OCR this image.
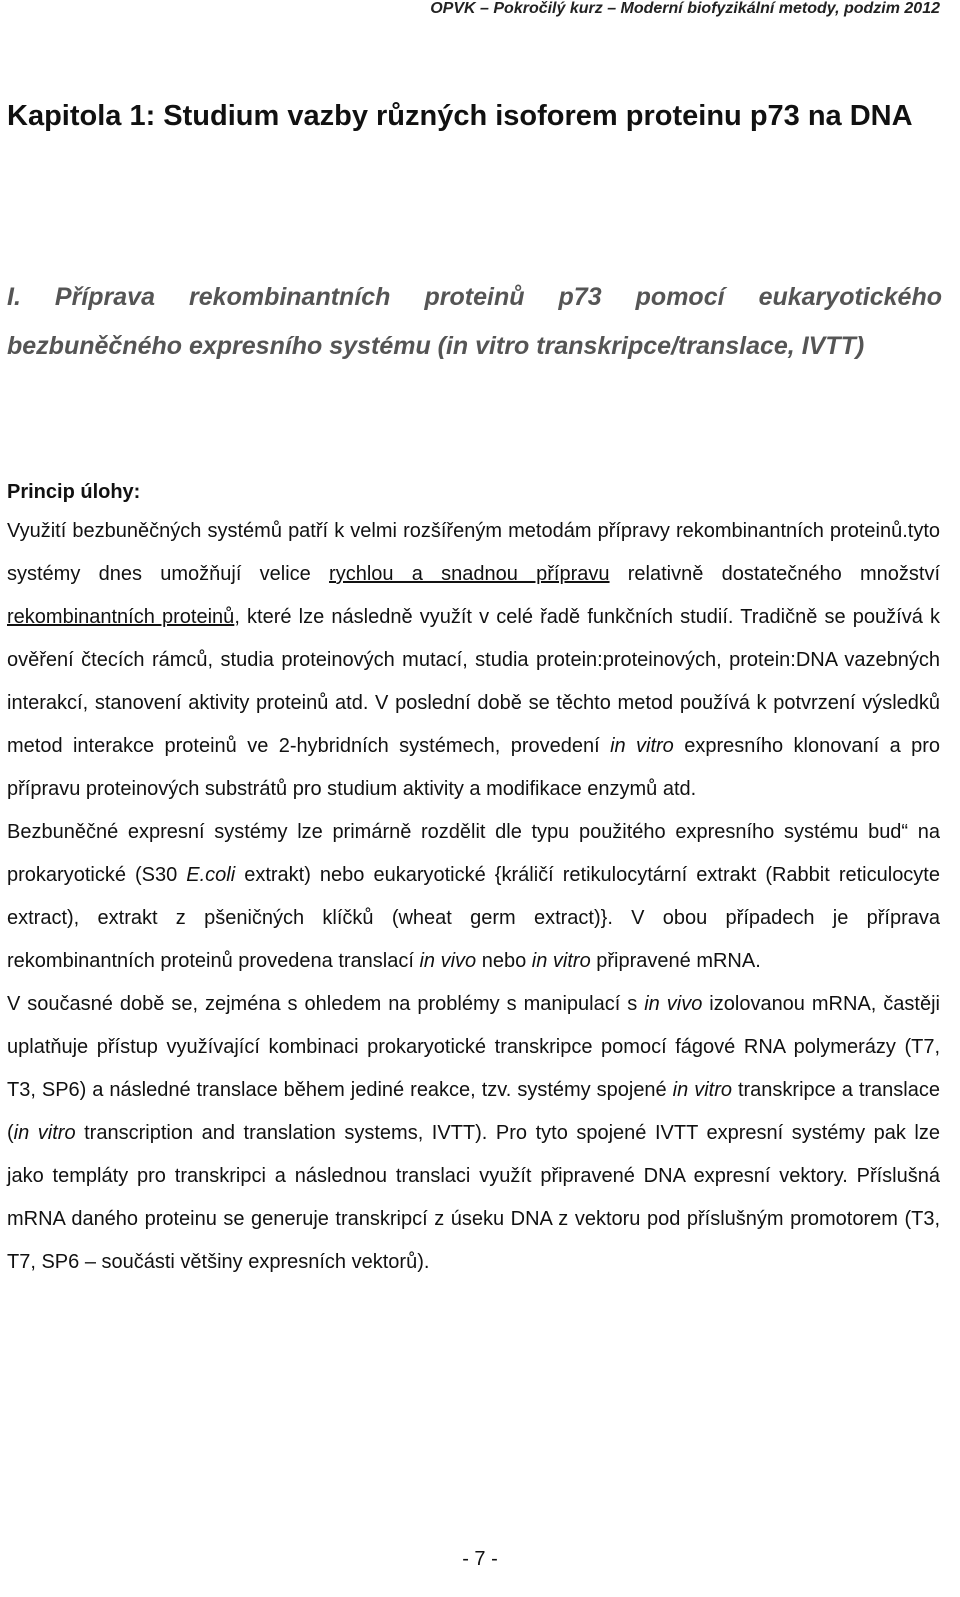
OPVK – Pokročilý kurz – Moderní biofyzikální metody, podzim 2012
Kapitola 1: Studium vazby různých isoforem proteinu p73 na DNA
I. Příprava rekombinantních proteinů p73 pomocí eukaryotického bezbuněčného expresního systému (in vitro transkripce/translace, IVTT)
Princip úlohy:

Využití bezbuněčných systémů patří k velmi rozšířeným metodám přípravy rekombinantních proteinů.tyto systémy dnes umožňují velice rychlou a snadnou přípravu relativně dostatečného množství rekombinantních proteinů, které lze následně využít v celé řadě funkčních studií. Tradičně se používá k ověření čtecích rámců, studia proteinových mutací, studia protein:proteinových, protein:DNA vazebných interakcí, stanovení aktivity proteinů atd. V poslední době se těchto metod používá k potvrzení výsledků metod interakce proteinů ve 2-hybridních systémech, provedení in vitro expresního klonovaní a pro přípravu proteinových substrátů pro studium aktivity a modifikace enzymů atd.

Bezbuněčné expresní systémy lze primárně rozdělit dle typu použitého expresního systému bud“ na prokaryotické (S30 E.coli extrakt) nebo eukaryotické {králičí retikulocytární extrakt (Rabbit reticulocyte extract), extrakt z pšeničných klíčků (wheat germ extract)}. V obou případech je příprava rekombinantních proteinů provedena translací in vivo nebo in vitro připravené mRNA.

V současné době se, zejména s ohledem na problémy s manipulací s in vivo izolovanou mRNA, častěji uplatňuje přístup využívající kombinaci prokaryotické transkripce pomocí fágové RNA polymerázy (T7, T3, SP6) a následné translace během jediné reakce, tzv. systémy spojené in vitro transkripce a translace (in vitro transcription and translation systems, IVTT). Pro tyto spojené IVTT expresní systémy pak lze jako templáty pro transkripci a následnou translaci využít připravené DNA expresní vektory. Příslušná mRNA daného proteinu se generuje transkripcí z úseku DNA z vektoru pod příslušným promotorem (T3, T7, SP6 – součásti většiny expresních vektorů).

- 7 -
